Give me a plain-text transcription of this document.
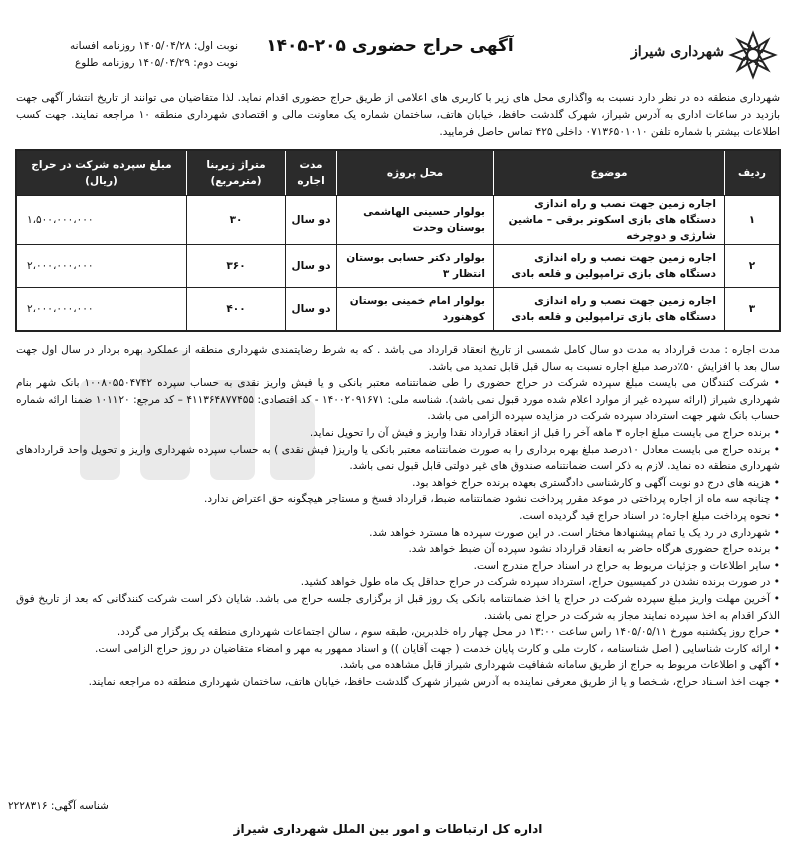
شهرداری شیراز
آگهی حراج حضوری ۲۰۵-۱۴۰۵
نوبت اول: ۱۴۰۵/۰۴/۲۸ روزنامه افسانه
نوبت دوم: ۱۴۰۵/۰۴/۲۹ روزنامه طلوع
شهرداری منطقه ده در نظر دارد نسبت به واگذاری محل های زیر با کاربری های اعلامی از طریق حراج حضوری اقدام نماید. لذا متقاضیان می توانند از تاریخ انتشار آگهی جهت بازدید در ساعات اداری به آدرس شیراز، شهرک گلدشت حافظ، خیابان هاتف، ساختمان شماره یک معاونت مالی و اقتصادی شهرداری منطقه ۱۰ مراجعه نمایند. جهت کسب اطلاعات بیشتر با شماره تلفن ۰۷۱۳۶۵۰۱۰۱۰ داخلی ۴۲۵ تماس حاصل فرمایید.
ردیف	موضوع	محل پروژه	مدت اجاره	متراژ زیربنا (مترمربع)	مبلغ سپرده شرکت در حراج (ریال)
۱	اجاره زمین جهت نصب و راه اندازی دستگاه های بازی اسکوتر برقی – ماشین شارژی و دوچرخه	بولوار حسینی الهاشمی بوستان وحدت	دو سال	۳۰	۱،۵۰۰،۰۰۰،۰۰۰
۲	اجاره زمین جهت نصب و راه اندازی دستگاه های بازی ترامپولین و قلعه بادی	بولوار دکتر حسابی بوستان انتظار ۳	دو سال	۳۶۰	۲،۰۰۰،۰۰۰،۰۰۰
۳	اجاره زمین جهت نصب و راه اندازی دستگاه های بازی ترامپولین و قلعه بادی	بولوار امام خمینی بوستان کوهنورد	دو سال	۴۰۰	۲،۰۰۰،۰۰۰،۰۰۰

مدت اجاره : مدت قرارداد به مدت دو سال کامل شمسی از تاریخ انعقاد قرارداد می باشد . که به شرط رضایتمندی شهرداری منطقه از عملکرد بهره بردار در سال اول جهت سال بعد با افزایش ۵۰٪درصد مبلغ اجاره نسبت به سال قبل قابل تمدید می باشد.

• شرکت کنندگان می بایست مبلغ سپرده شرکت در حراج حضوری را طی ضمانتنامه معتبر بانکی و یا فیش واریز نقدی به حساب سپرده ۱۰۰۸۰۵۵۰۴۷۴۲ بانک شهر بنام شهرداری شیراز (ارائه سپرده غیر از موارد اعلام شده مورد قبول نمی باشد). شناسه ملی: ۱۴۰۰۲۰۹۱۶۷۱ - کد اقتصادی: ۴۱۱۳۶۴۸۷۷۴۵۵ – کد مرجع: ۱۰۱۱۲۰ ضمنا ارائه شماره حساب بانک شهر جهت استرداد سپرده شرکت در مزایده سپرده الزامی می باشد.

• برنده حراج می بایست مبلغ اجاره ۳ ماهه آخر را قبل از انعقاد قرارداد نقدا واریز و فیش آن را تحویل نماید.

• برنده حراج می بایست معادل ۱۰درصد مبلغ بهره برداری را به صورت ضمانتنامه معتبر بانکی یا واریز( فیش نقدی ) به حساب سپرده شهرداری واریز و تحویل واحد قراردادهای شهرداری منطقه ده نماید. لازم به ذکر است ضمانتنامه صندوق های غیر دولتی قابل قبول نمی باشد.

• هزینه های درج دو نوبت آگهی و کارشناسی دادگستری بعهده برنده حراج خواهد بود.

• چنانچه سه ماه از اجاره پرداختی در موعد مقرر پرداخت نشود ضمانتنامه ضبط، قرارداد فسخ و مستاجر هیچگونه حق اعتراض ندارد.

• نحوه پرداخت مبلغ اجاره: در اسناد حراج قید گردیده است.

• شهرداری در رد یک یا تمام پیشنهادها مختار است. در این صورت سپرده ها مسترد خواهد شد.

• برنده حراج حضوری هرگاه حاضر به انعقاد قرارداد نشود سپرده آن ضبط خواهد شد.

• سایر اطلاعات و جزئیات مربوط به حراج در اسناد حراج مندرج است.

• در صورت برنده نشدن در کمیسیون حراج، استرداد سپرده شرکت در حراج حداقل یک ماه طول خواهد کشید.

• آخرین مهلت واریز مبلغ سپرده شرکت در حراج یا اخذ ضمانتنامه بانکی یک روز قبل از برگزاری جلسه حراج می باشد. شایان ذکر است شرکت کنندگانی که بعد از تاریخ فوق الذکر اقدام به اخذ سپرده نمایند مجاز به شرکت در حراج نمی باشند.

• حراج روز یکشنبه مورخ ۱۴۰۵/۰۵/۱۱ راس ساعت ۱۳:۰۰ در محل چهار راه خلدبرین، طبقه سوم ، سالن اجتماعات شهرداری منطقه یک برگزار می گردد.

• ارائه کارت شناسایی ( اصل شناسنامه ، کارت ملی و کارت پایان خدمت ( جهت آقایان )) و اسناد ممهور به مهر و امضاء متقاضیان در روز حراج الزامی است.

• آگهی و اطلاعات مربوط به حراج از طریق سامانه شفافیت شهرداری شیراز قابل مشاهده می باشد.

• جهت اخذ اسـناد حراج، شـخصا و یا از طریق معرفی نماینده به آدرس شیراز شهرک گلدشت حافظ، خیابان هاتف، ساختمان شهرداری منطقه ده مراجعه نمایند.

شناسه آگهی: ۲۲۲۸۳۱۶
اداره کل ارتباطات و امور بین الملل شهرداری شیراز
